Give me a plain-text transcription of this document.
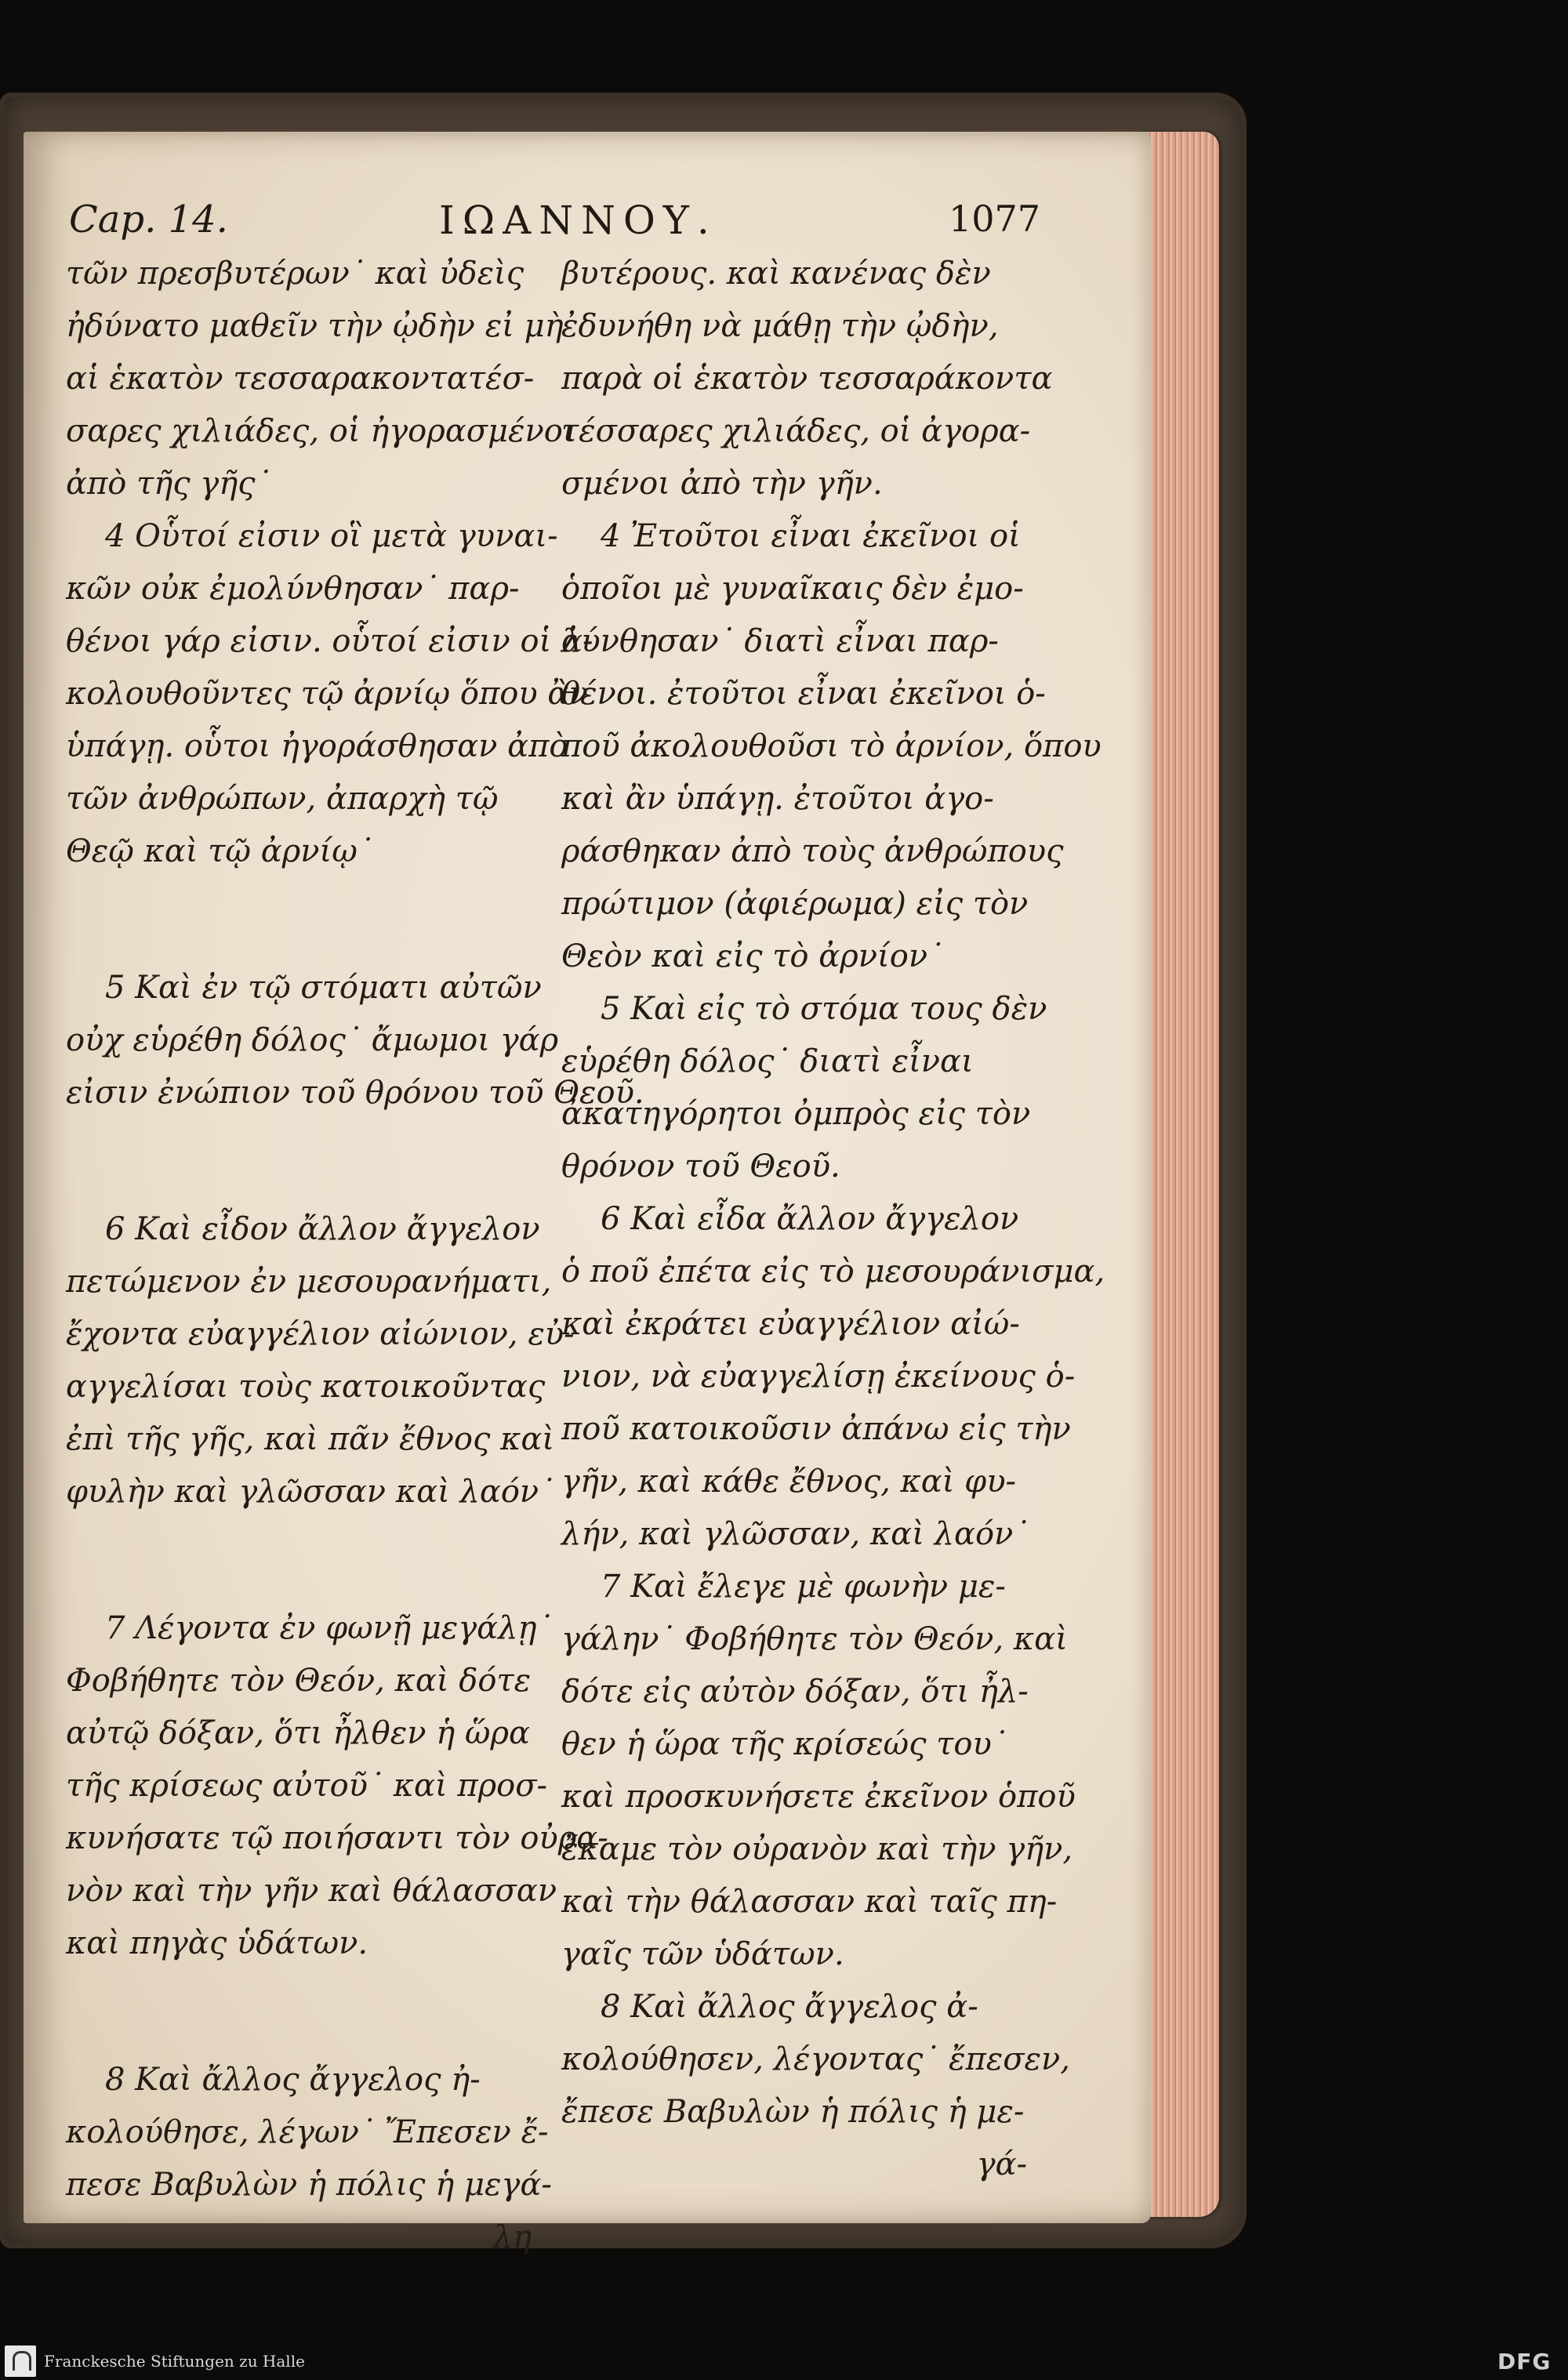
Cap. 14.	ΙΩΑΝΝΟΥ.	1077
τῶν πρεσβυτέρων˙ καὶ ὐδεὶς
ἠδύνατο μαθεῖν τὴν ᾠδὴν εἰ μὴ
αἱ ἑκατὸν τεσσαρακοντατέσ-
σαρες χιλιάδες, οἱ ἠγορασμένοι
ἀπὸ τῆς γῆς˙
4 Οὗτοί εἰσιν οἳ μετὰ γυναι-
κῶν οὐκ ἐμολύνθησαν˙ παρ-
θένοι γάρ εἰσιν. οὗτοί εἰσιν οἱ ἀ-
κολουθοῦντες τῷ ἀρνίῳ ὅπου ἂν
ὑπάγῃ. οὗτοι ἠγοράσθησαν ἀπὸ
τῶν ἀνθρώπων, ἀπαρχὴ τῷ
Θεῷ καὶ τῷ ἀρνίῳ˙
5 Καὶ ἐν τῷ στόματι αὐτῶν
οὐχ εὑρέθη δόλος˙ ἄμωμοι γάρ
εἰσιν ἐνώπιον τοῦ θρόνου τοῦ Θεοῦ.
6 Καὶ εἶδον ἄλλον ἄγγελον
πετώμενον ἐν μεσουρανήματι,
ἔχοντα εὐαγγέλιον αἰώνιον, εὐ-
αγγελίσαι τοὺς κατοικοῦντας
ἐπὶ τῆς γῆς, καὶ πᾶν ἔθνος καὶ
φυλὴν καὶ γλῶσσαν καὶ λαόν˙
7 Λέγοντα ἐν φωνῇ μεγάλῃ˙
Φοβήθητε τὸν Θεόν, καὶ δότε
αὐτῷ δόξαν, ὅτι ἦλθεν ἡ ὥρα
τῆς κρίσεως αὐτοῦ˙ καὶ προσ-
κυνήσατε τῷ ποιήσαντι τὸν οὐρα-
νὸν καὶ τὴν γῆν καὶ θάλασσαν
καὶ πηγὰς ὑδάτων.
8 Καὶ ἄλλος ἄγγελος ἠ-
κολούθησε, λέγων˙ Ἔπεσεν ἔ-
πεσε Βαβυλὼν ἡ πόλις ἡ μεγά-
λη
βυτέρους. καὶ κανένας δὲν
ἐδυνήθη νὰ μάθῃ τὴν ᾠδὴν,
παρὰ οἱ ἑκατὸν τεσσαράκοντα
τέσσαρες χιλιάδες, οἱ ἀγορα-
σμένοι ἀπὸ τὴν γῆν.
4 Ἐτοῦτοι εἶναι ἐκεῖνοι οἱ
ὁποῖοι μὲ γυναῖκαις δὲν ἐμο-
λύνθησαν˙ διατὶ εἶναι παρ-
θένοι. ἐτοῦτοι εἶναι ἐκεῖνοι ὁ-
ποῦ ἀκολουθοῦσι τὸ ἀρνίον, ὅπου
καὶ ἂν ὑπάγῃ. ἐτοῦτοι ἀγο-
ράσθηκαν ἀπὸ τοὺς ἀνθρώπους
πρώτιμον (ἀφιέρωμα) εἰς τὸν
Θεὸν καὶ εἰς τὸ ἀρνίον˙
5 Καὶ εἰς τὸ στόμα τους δὲν
εὑρέθη δόλος˙ διατὶ εἶναι
ἀκατηγόρητοι ὀμπρὸς εἰς τὸν
θρόνον τοῦ Θεοῦ.
6 Καὶ εἶδα ἄλλον ἄγγελον
ὁ ποῦ ἐπέτα εἰς τὸ μεσουράνισμα,
καὶ ἐκράτει εὐαγγέλιον αἰώ-
νιον, νὰ εὐαγγελίσῃ ἐκείνους ὁ-
ποῦ κατοικοῦσιν ἀπάνω εἰς τὴν
γῆν, καὶ κάθε ἔθνος, καὶ φυ-
λήν, καὶ γλῶσσαν, καὶ λαόν˙
7 Καὶ ἔλεγε μὲ φωνὴν με-
γάλην˙ Φοβήθητε τὸν Θεόν, καὶ
δότε εἰς αὐτὸν δόξαν, ὅτι ἦλ-
θεν ἡ ὥρα τῆς κρίσεώς του˙
καὶ προσκυνήσετε ἐκεῖνον ὁποῦ
ἔκαμε τὸν οὐρανὸν καὶ τὴν γῆν,
καὶ τὴν θάλασσαν καὶ ταῖς πη-
γαῖς τῶν ὑδάτων.
8 Καὶ ἄλλος ἄγγελος ἀ-
κολούθησεν, λέγοντας˙ ἔπεσεν,
ἔπεσε Βαβυλὼν ἡ πόλις ἡ με-
γά-
Franckesche Stiftungen zu Halle	DFG
